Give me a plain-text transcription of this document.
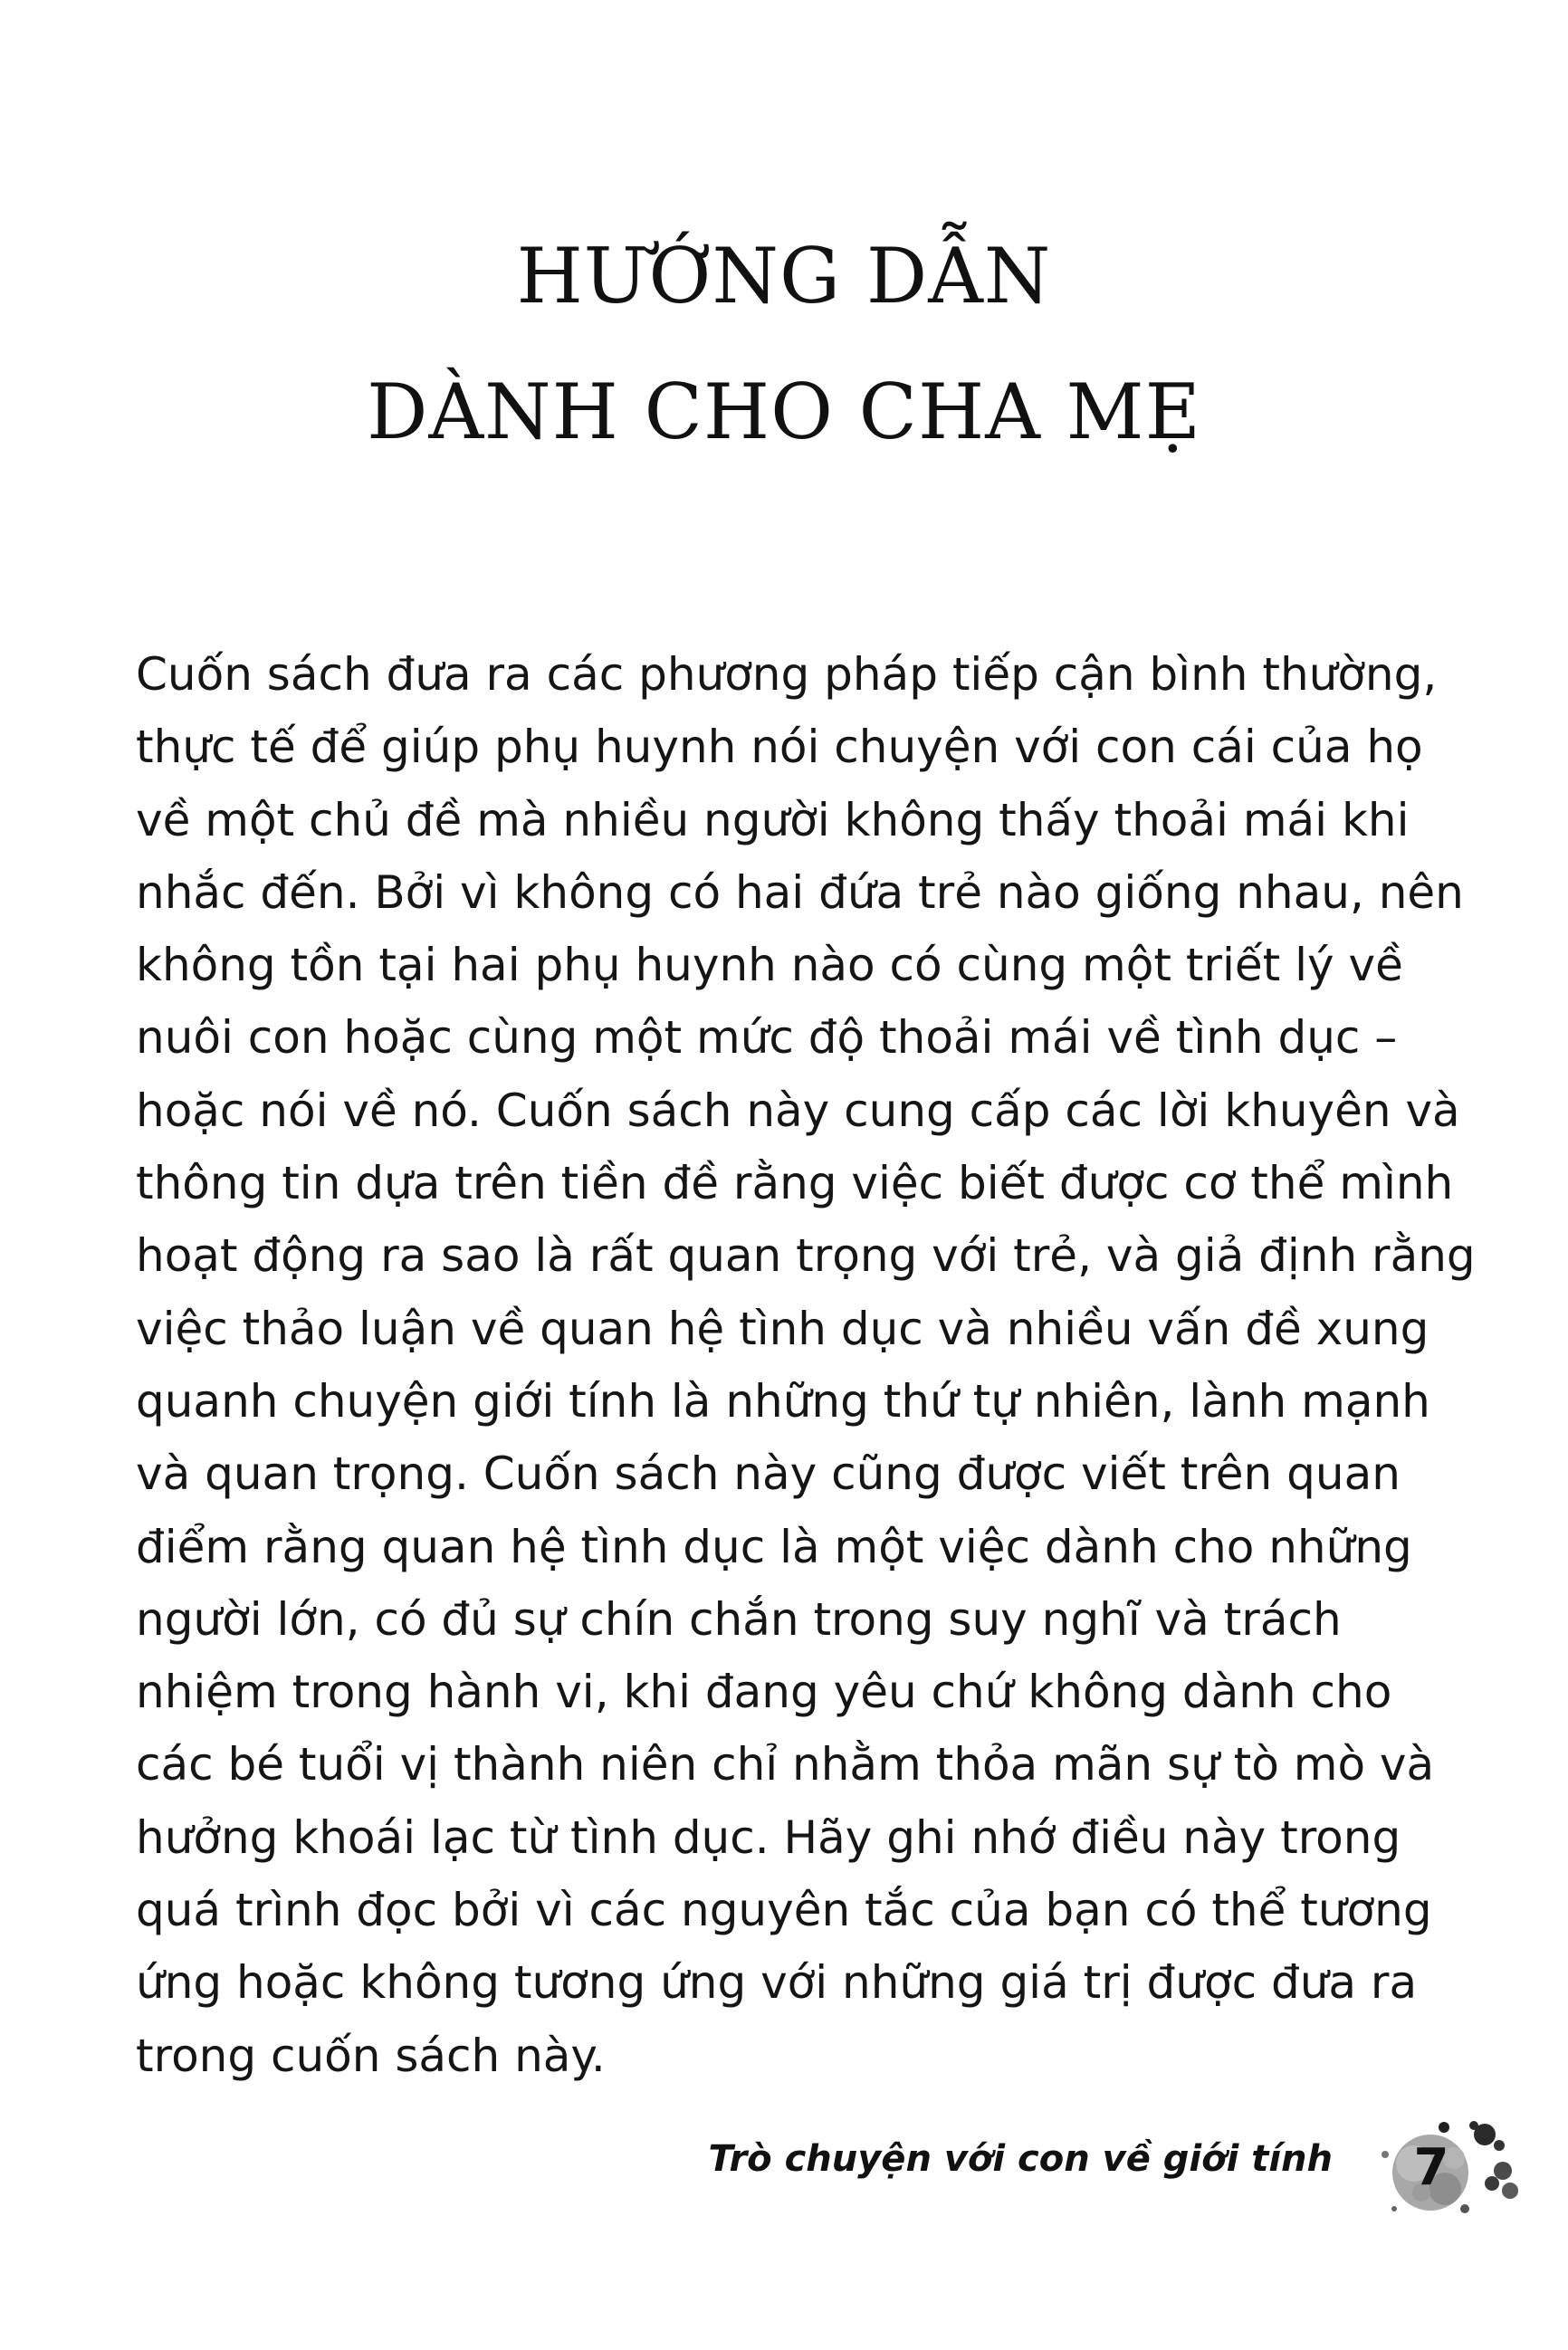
HƯỚNG DẪN
DÀNH CHO CHA MẸ
Cuốn sách đưa ra các phương pháp tiếp cận bình thường,
thực tế để giúp phụ huynh nói chuyện với con cái của họ
về một chủ đề mà nhiều người không thấy thoải mái khi
nhắc đến. Bởi vì không có hai đứa trẻ nào giống nhau, nên
không tồn tại hai phụ huynh nào có cùng một triết lý về
nuôi con hoặc cùng một mức độ thoải mái về tình dục –
hoặc nói về nó. Cuốn sách này cung cấp các lời khuyên và
thông tin dựa trên tiền đề rằng việc biết được cơ thể mình
hoạt động ra sao là rất quan trọng với trẻ, và giả định rằng
việc thảo luận về quan hệ tình dục và nhiều vấn đề xung
quanh chuyện giới tính là những thứ tự nhiên, lành mạnh
và quan trọng. Cuốn sách này cũng được viết trên quan
điểm rằng quan hệ tình dục là một việc dành cho những
người lớn, có đủ sự chín chắn trong suy nghĩ và trách
nhiệm trong hành vi, khi đang yêu chứ không dành cho
các bé tuổi vị thành niên chỉ nhằm thỏa mãn sự tò mò và
hưởng khoái lạc từ tình dục. Hãy ghi nhớ điều này trong
quá trình đọc bởi vì các nguyên tắc của bạn có thể tương
ứng hoặc không tương ứng với những giá trị được đưa ra
trong cuốn sách này.
Trò chuyện với con về giới tính 7
